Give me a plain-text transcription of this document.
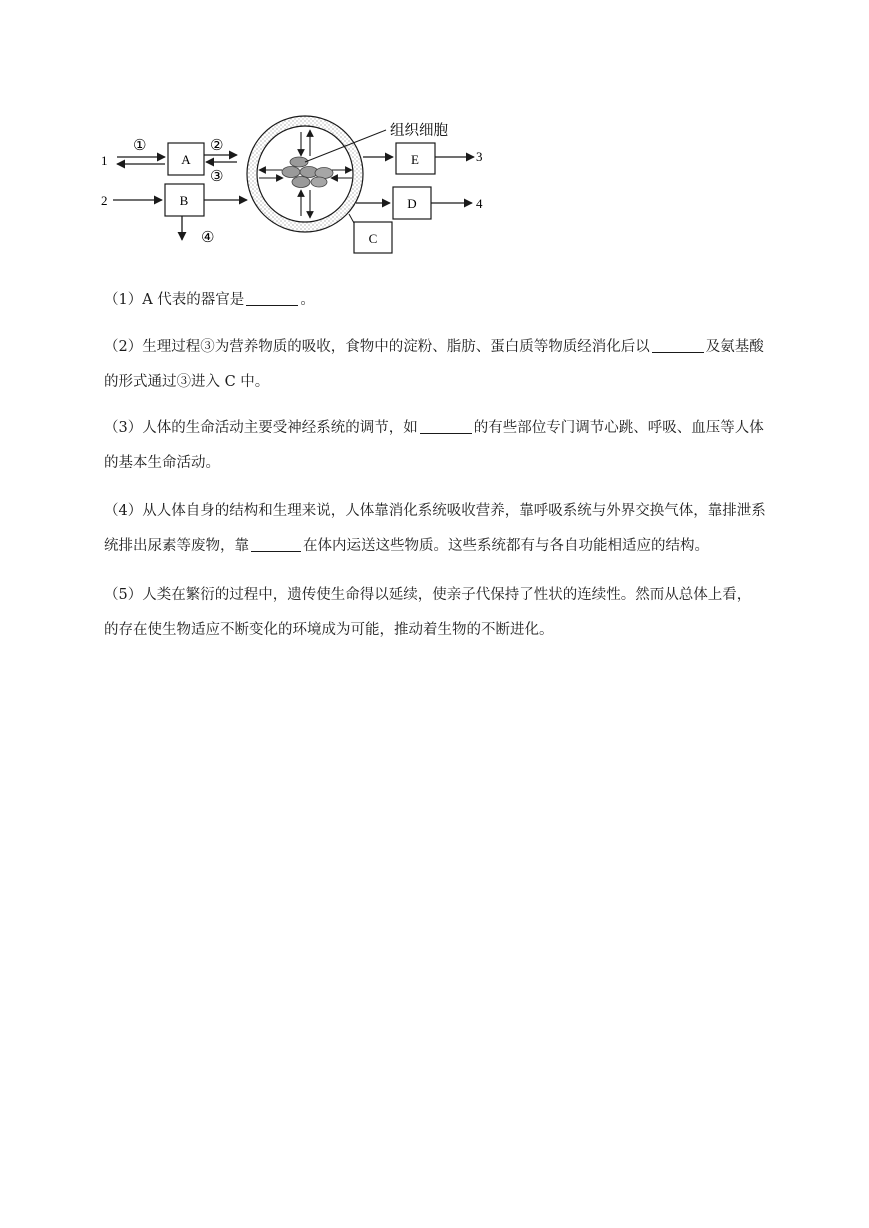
1
2
①	②
③
④
A
B
组织细胞
E	3
D	4
C
（1）A 代表的器官是	。
（2）生理过程③为营养物质的吸收，食物中的淀粉、脂肪、蛋白质等物质经消化后以	及氨基酸
的形式通过③进入 C 中。
（3）人体的生命活动主要受神经系统的调节，如	的有些部位专门调节心跳、呼吸、血压等人体
的基本生命活动。
（4）从人体自身的结构和生理来说，人体靠消化系统吸收营养，靠呼吸系统与外界交换气体，靠排泄系
统排出尿素等废物，靠	在体内运送这些物质。这些系统都有与各自功能相适应的结构。
（5）人类在繁衍的过程中，遗传使生命得以延续，使亲子代保持了性状的连续性。然而从总体上看，
的存在使生物适应不断变化的环境成为可能，推动着生物的不断进化。
